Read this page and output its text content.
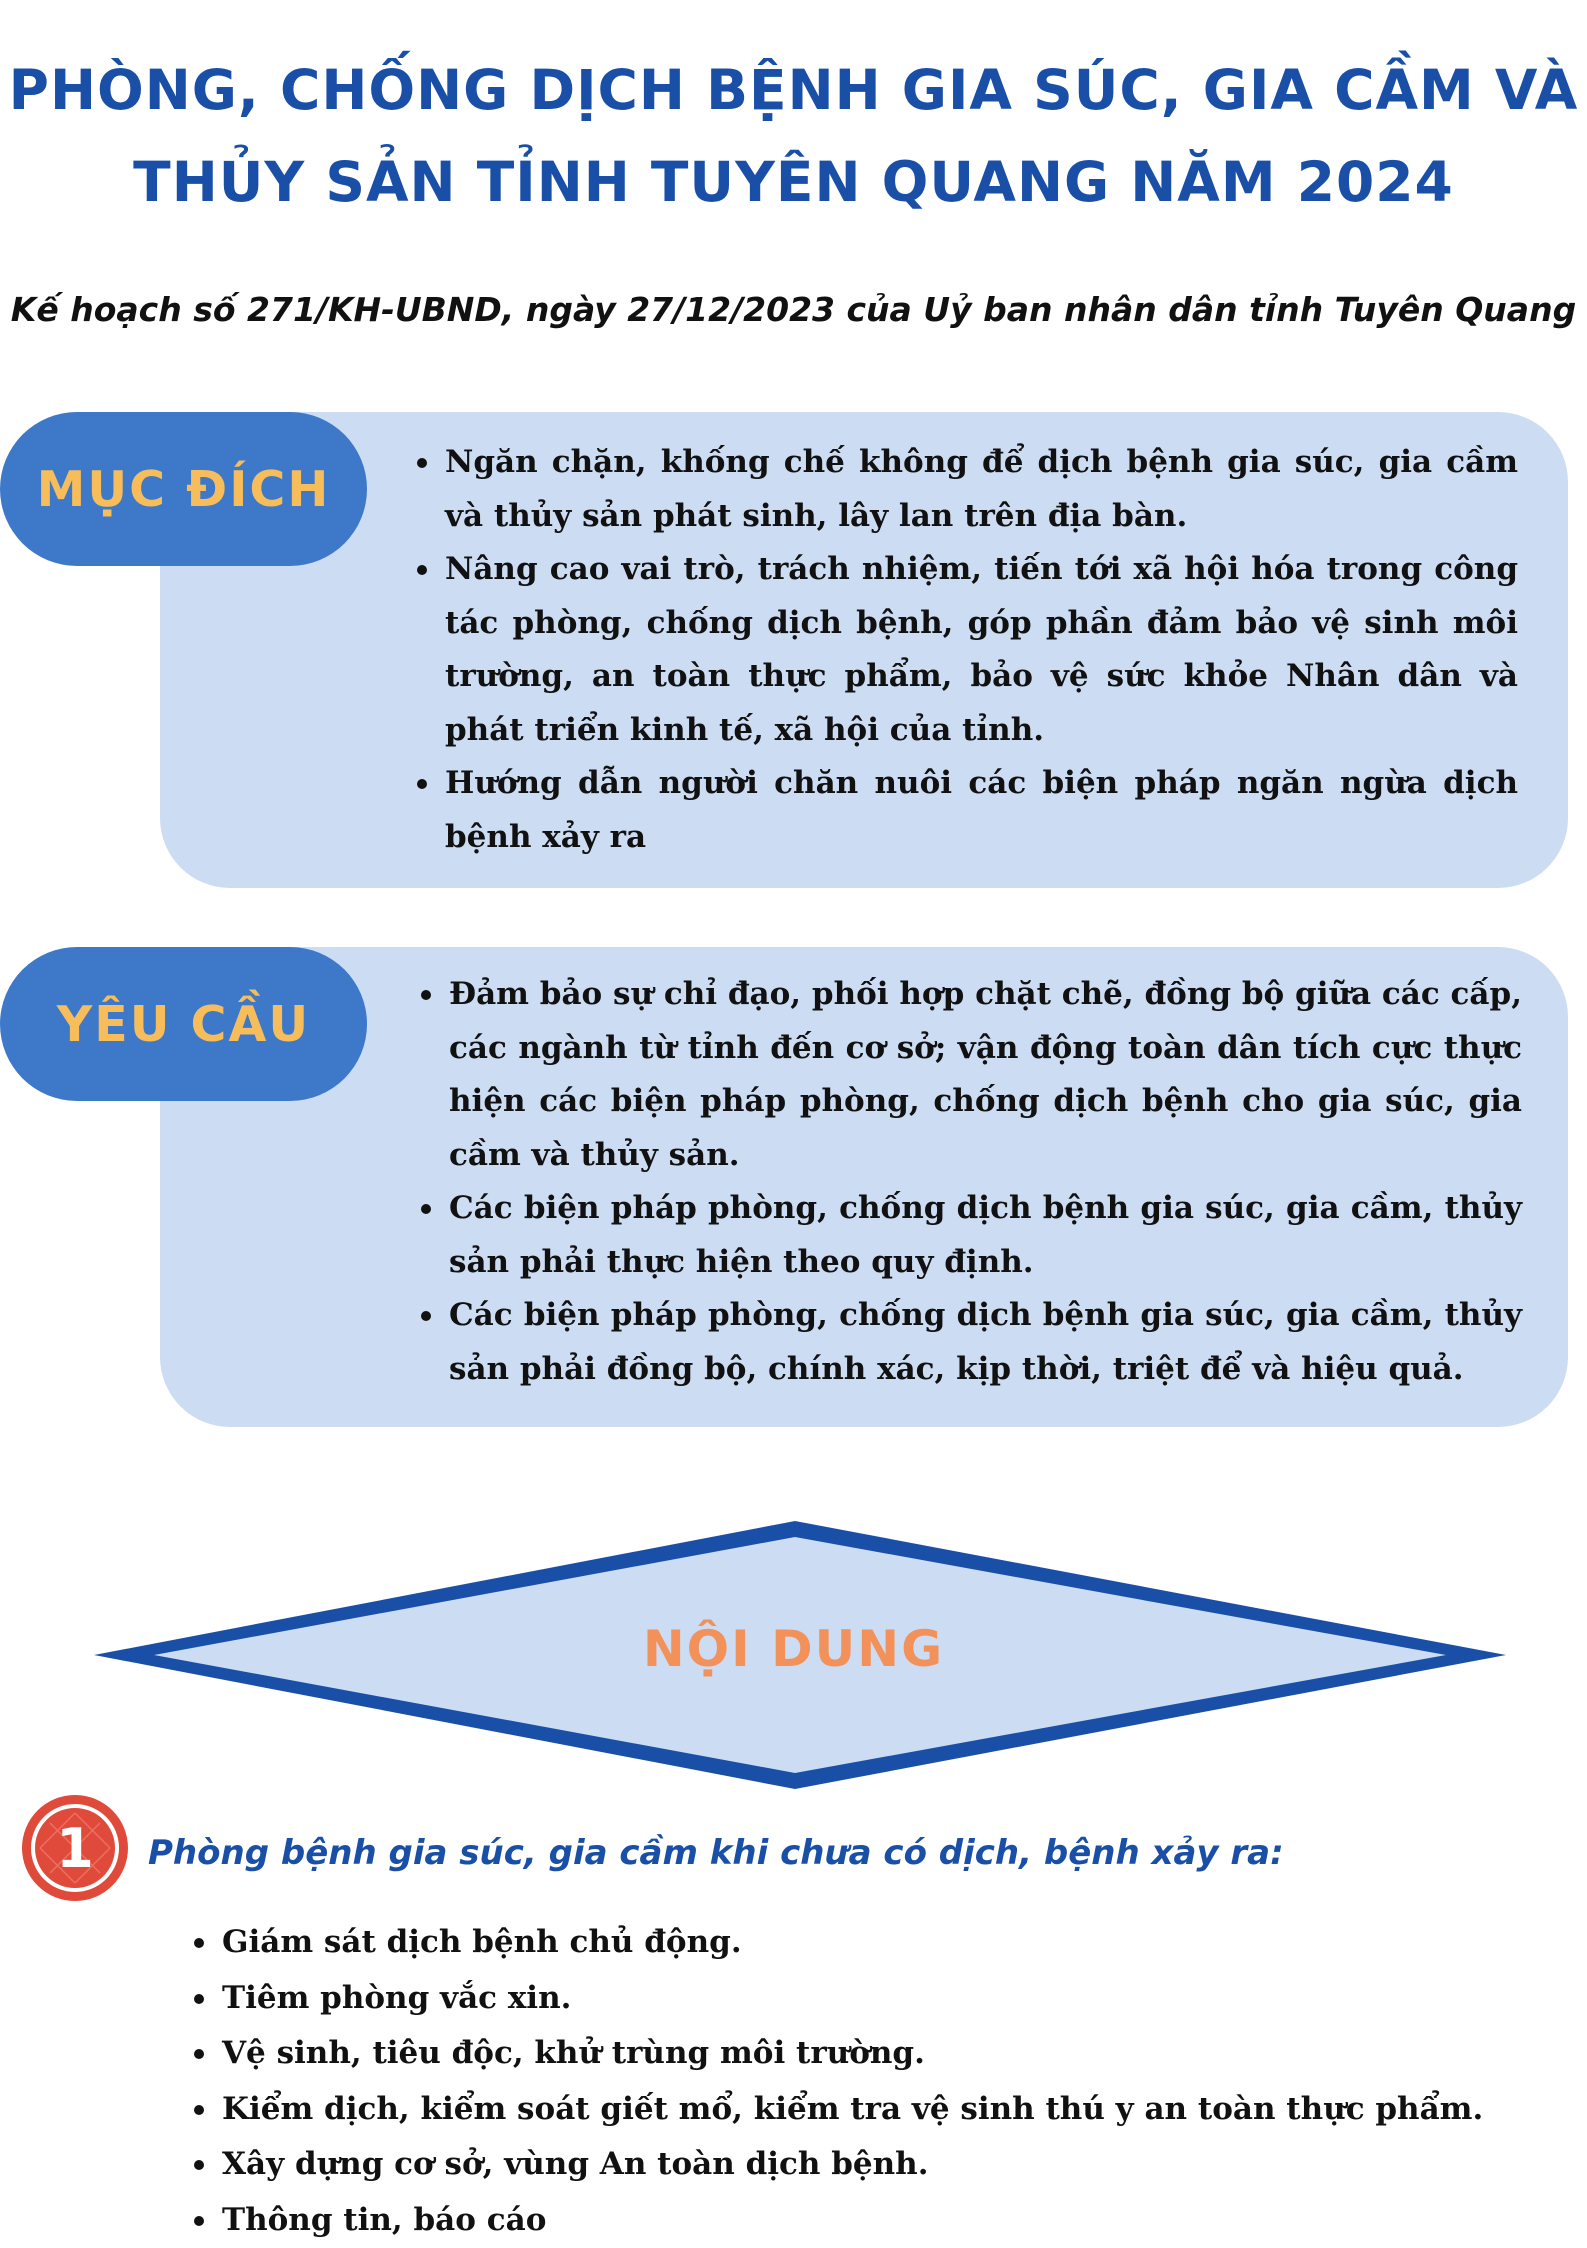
PHÒNG, CHỐNG DỊCH BỆNH GIA SÚC, GIA CẦM VÀ
THỦY SẢN TỈNH TUYÊN QUANG NĂM 2024
Kế hoạch số 271/KH-UBND, ngày 27/12/2023 của Uỷ ban nhân dân tỉnh Tuyên Quang
MỤC ĐÍCH	Ngăn chặn, khống chế không để dịch bệnh gia súc, gia cầm và thủy sản phát sinh, lây lan trên địa bàn.
Nâng cao vai trò, trách nhiệm, tiến tới xã hội hóa trong công tác phòng, chống dịch bệnh, góp phần đảm bảo vệ sinh môi trường, an toàn thực phẩm, bảo vệ sức khỏe Nhân dân và phát triển kinh tế, xã hội của tỉnh.
Hướng dẫn người chăn nuôi các biện pháp ngăn ngừa dịch bệnh xảy ra
YÊU CẦU
Đảm bảo sự chỉ đạo, phối hợp chặt chẽ, đồng bộ giữa các cấp, các ngành từ tỉnh đến cơ sở; vận động toàn dân tích cực thực hiện các biện pháp phòng, chống dịch bệnh cho gia súc, gia cầm và thủy sản.
Các biện pháp phòng, chống dịch bệnh gia súc, gia cầm, thủy sản phải thực hiện theo quy định.
Các biện pháp phòng, chống dịch bệnh gia súc, gia cầm, thủy sản phải đồng bộ, chính xác, kịp thời, triệt để và hiệu quả.
NỘI DUNG
1 Phòng bệnh gia súc, gia cầm khi chưa có dịch, bệnh xảy ra:
Giám sát dịch bệnh chủ động.
Tiêm phòng vắc xin.
Vệ sinh, tiêu độc, khử trùng môi trường.
Kiểm dịch, kiểm soát giết mổ, kiểm tra vệ sinh thú y an toàn thực phẩm.
Xây dựng cơ sở, vùng An toàn dịch bệnh.
Thông tin, báo cáo
